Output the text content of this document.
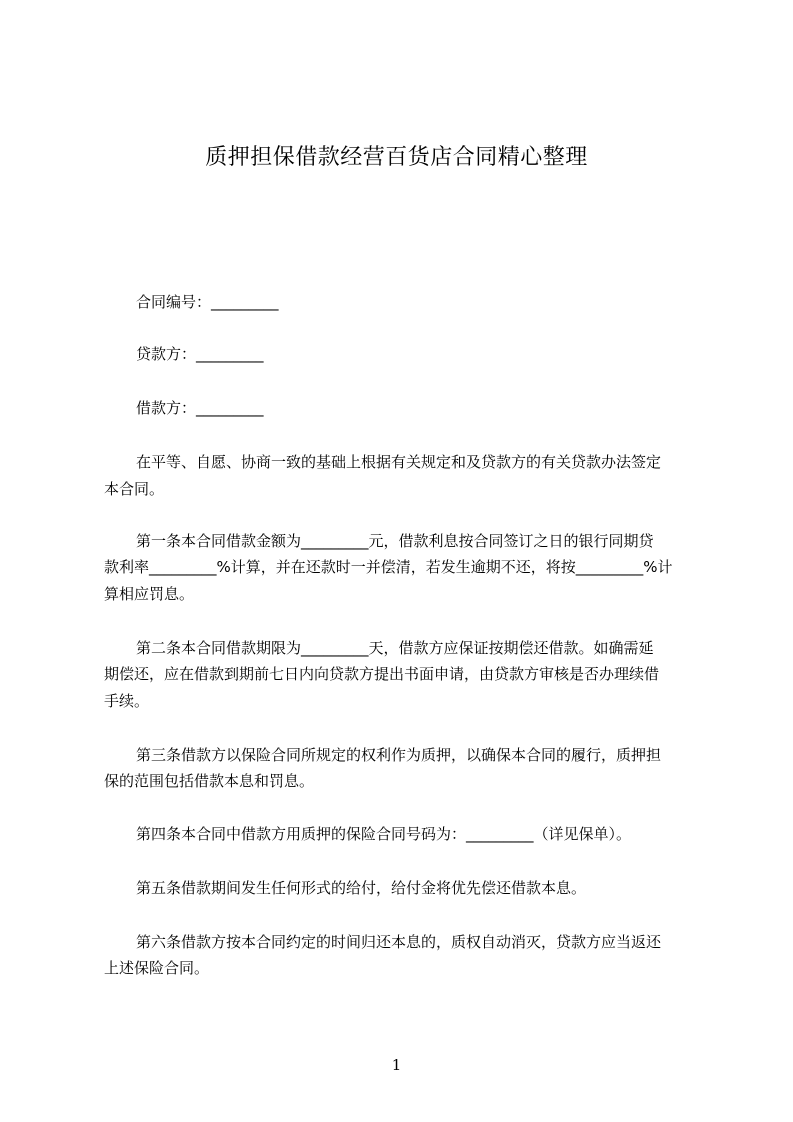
质押担保借款经营百货店合同精心整理
合同编号：_________
贷款方：_________
借款方：_________
在平等、自愿、协商一致的基础上根据有关规定和及贷款方的有关贷款办法签定
本合同。
第一条本合同借款金额为_________元，借款利息按合同签订之日的银行同期贷
款利率_________%计算，并在还款时一并偿清，若发生逾期不还，将按_________%计
算相应罚息。
第二条本合同借款期限为_________天，借款方应保证按期偿还借款。如确需延
期偿还，应在借款到期前七日内向贷款方提出书面申请，由贷款方审核是否办理续借
手续。
第三条借款方以保险合同所规定的权利作为质押，以确保本合同的履行，质押担
保的范围包括借款本息和罚息。
第四条本合同中借款方用质押的保险合同号码为：_________（详见保单）。
第五条借款期间发生任何形式的给付，给付金将优先偿还借款本息。
第六条借款方按本合同约定的时间归还本息的，质权自动消灭，贷款方应当返还
上述保险合同。
1
